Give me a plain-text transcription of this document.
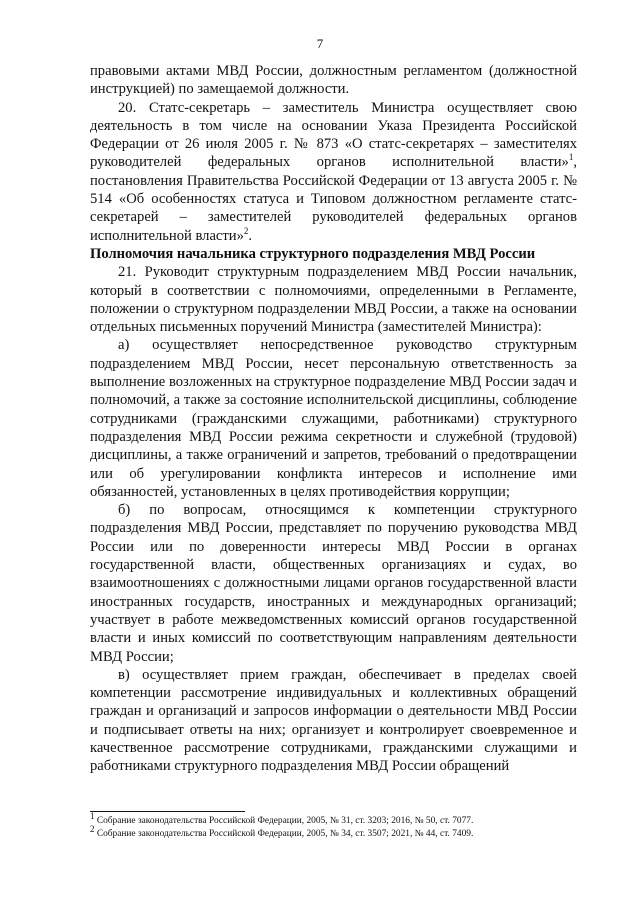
7

правовыми актами МВД России, должностным регламентом (должностной инструкцией) по замещаемой должности.

20. Статс-секретарь – заместитель Министра осуществляет свою деятельность в том числе на основании Указа Президента Российской Федерации от 26 июля 2005 г. № 873 «О статс-секретарях – заместителях руководителей федеральных органов исполнительной власти»$^1$, постановления Правительства Российской Федерации от 13 августа 2005 г. № 514 «Об особенностях статуса и Типовом должностном регламенте статс-секретарей – заместителей руководителей федеральных органов исполнительной власти»$^2$.

Полномочия начальника структурного подразделения МВД России

21. Руководит структурным подразделением МВД России начальник, который в соответствии с полномочиями, определенными в Регламенте, положении о структурном подразделении МВД России, а также на основании отдельных письменных поручений Министра (заместителей Министра):

а) осуществляет непосредственное руководство структурным подразделением МВД России, несет персональную ответственность за выполнение возложенных на структурное подразделение МВД России задач и полномочий, а также за состояние исполнительской дисциплины, соблюдение сотрудниками (гражданскими служащими, работниками) структурного подразделения МВД России режима секретности и служебной (трудовой) дисциплины, а также ограничений и запретов, требований о предотвращении или об урегулировании конфликта интересов и исполнение ими обязанностей, установленных в целях противодействия коррупции;

б) по вопросам, относящимся к компетенции структурного подразделения МВД России, представляет по поручению руководства МВД России или по доверенности интересы МВД России в органах государственной власти, общественных организациях и судах, во взаимоотношениях с должностными лицами органов государственной власти иностранных государств, иностранных и международных организаций; участвует в работе межведомственных комиссий органов государственной власти и иных комиссий по соответствующим направлениям деятельности МВД России;

в) осуществляет прием граждан, обеспечивает в пределах своей компетенции рассмотрение индивидуальных и коллективных обращений граждан и организаций и запросов информации о деятельности МВД России и подписывает ответы на них; организует и контролирует своевременное и качественное рассмотрение сотрудниками, гражданскими служащими и работниками структурного подразделения МВД России обращений

$^1$ Собрание законодательства Российской Федерации, 2005, № 31, ст. 3203; 2016, № 50, ст. 7077.

$^2$ Собрание законодательства Российской Федерации, 2005, № 34, ст. 3507; 2021, № 44, ст. 7409.
